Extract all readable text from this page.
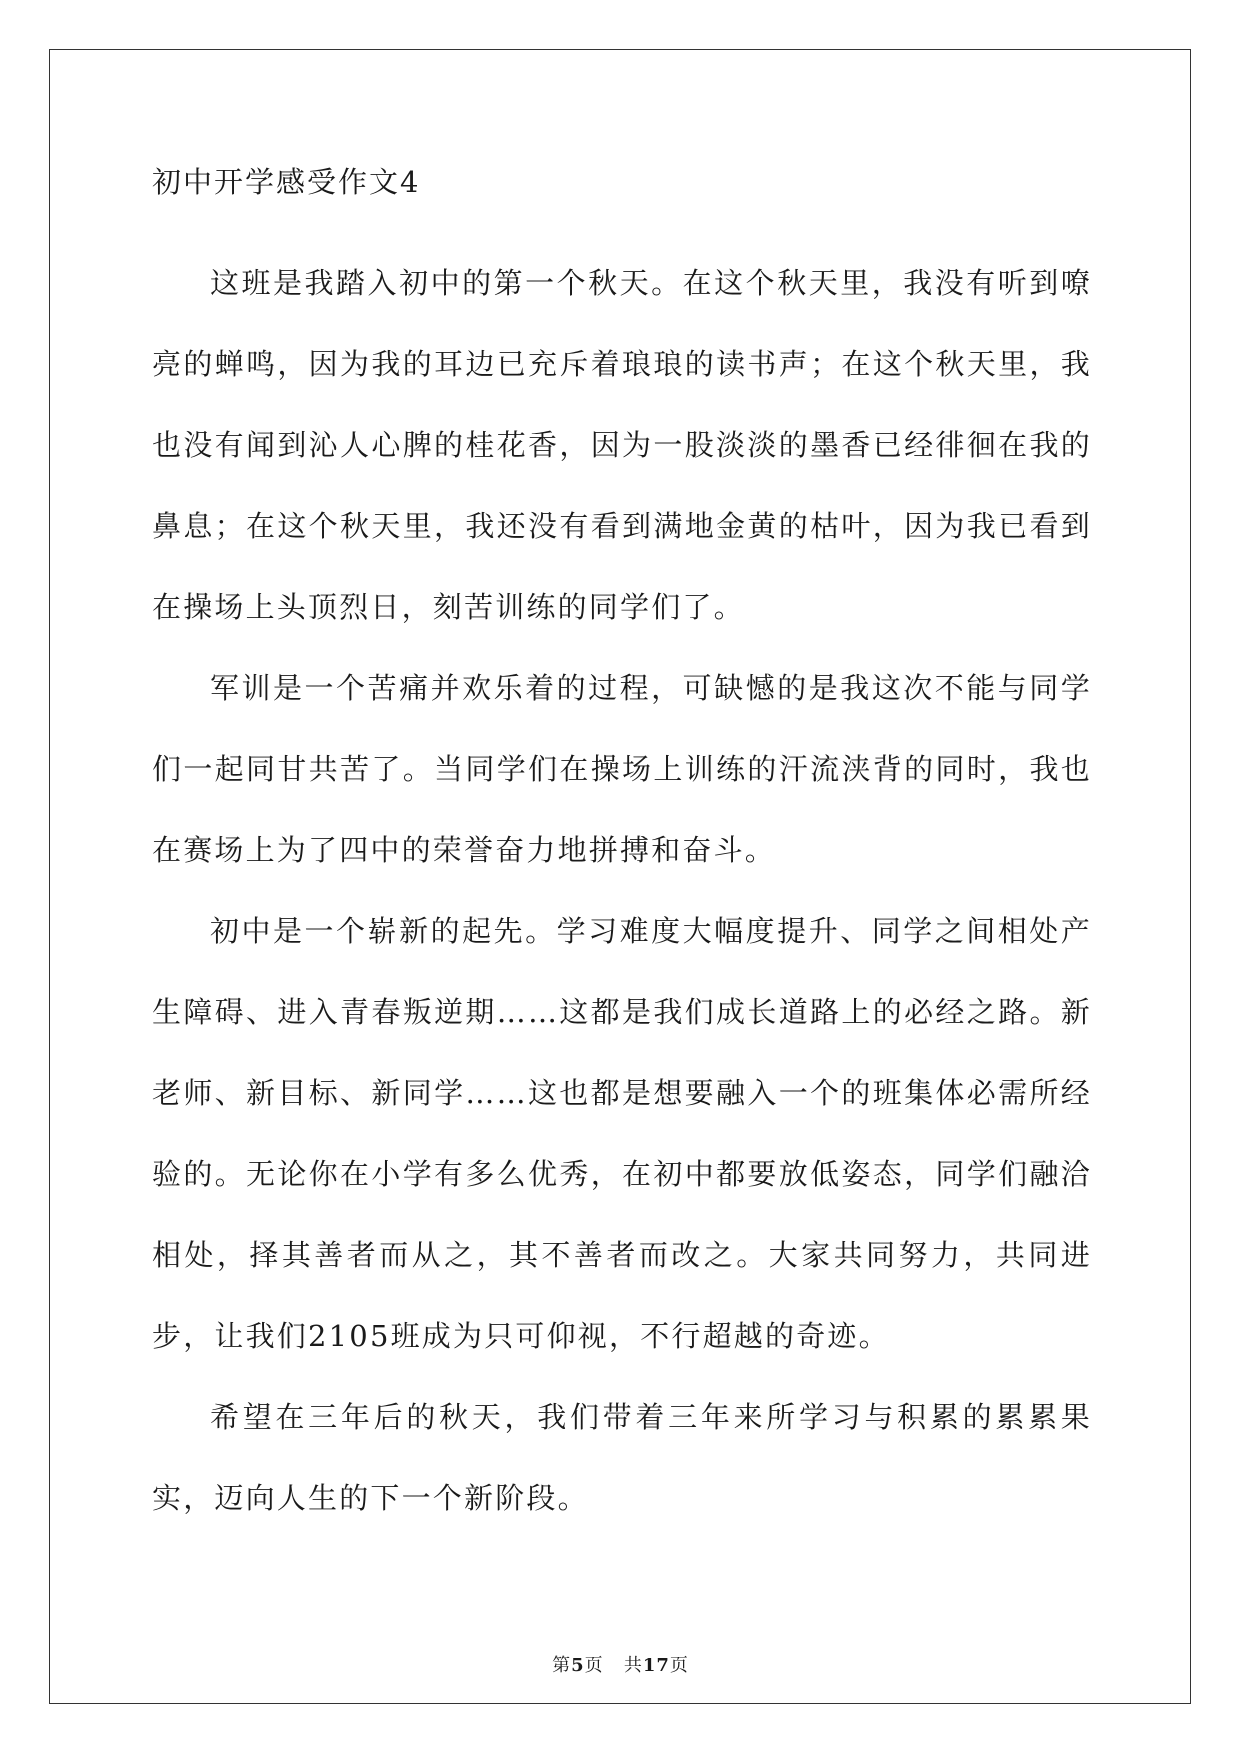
初中开学感受作文4

这班是我踏入初中的第一个秋天。在这个秋天里，我没有听到嘹亮的蝉鸣，因为我的耳边已充斥着琅琅的读书声；在这个秋天里，我也没有闻到沁人心脾的桂花香，因为一股淡淡的墨香已经徘徊在我的鼻息；在这个秋天里，我还没有看到满地金黄的枯叶，因为我已看到在操场上头顶烈日，刻苦训练的同学们了。

军训是一个苦痛并欢乐着的过程，可缺憾的是我这次不能与同学们一起同甘共苦了。当同学们在操场上训练的汗流浃背的同时，我也在赛场上为了四中的荣誉奋力地拼搏和奋斗。

初中是一个崭新的起先。学习难度大幅度提升、同学之间相处产生障碍、进入青春叛逆期……这都是我们成长道路上的必经之路。新老师、新目标、新同学……这也都是想要融入一个的班集体必需所经验的。无论你在小学有多么优秀，在初中都要放低姿态，同学们融洽相处，择其善者而从之，其不善者而改之。大家共同努力，共同进步，让我们2105班成为只可仰视，不行超越的奇迹。

希望在三年后的秋天，我们带着三年来所学习与积累的累累果实，迈向人生的下一个新阶段。

第5页 共17页
